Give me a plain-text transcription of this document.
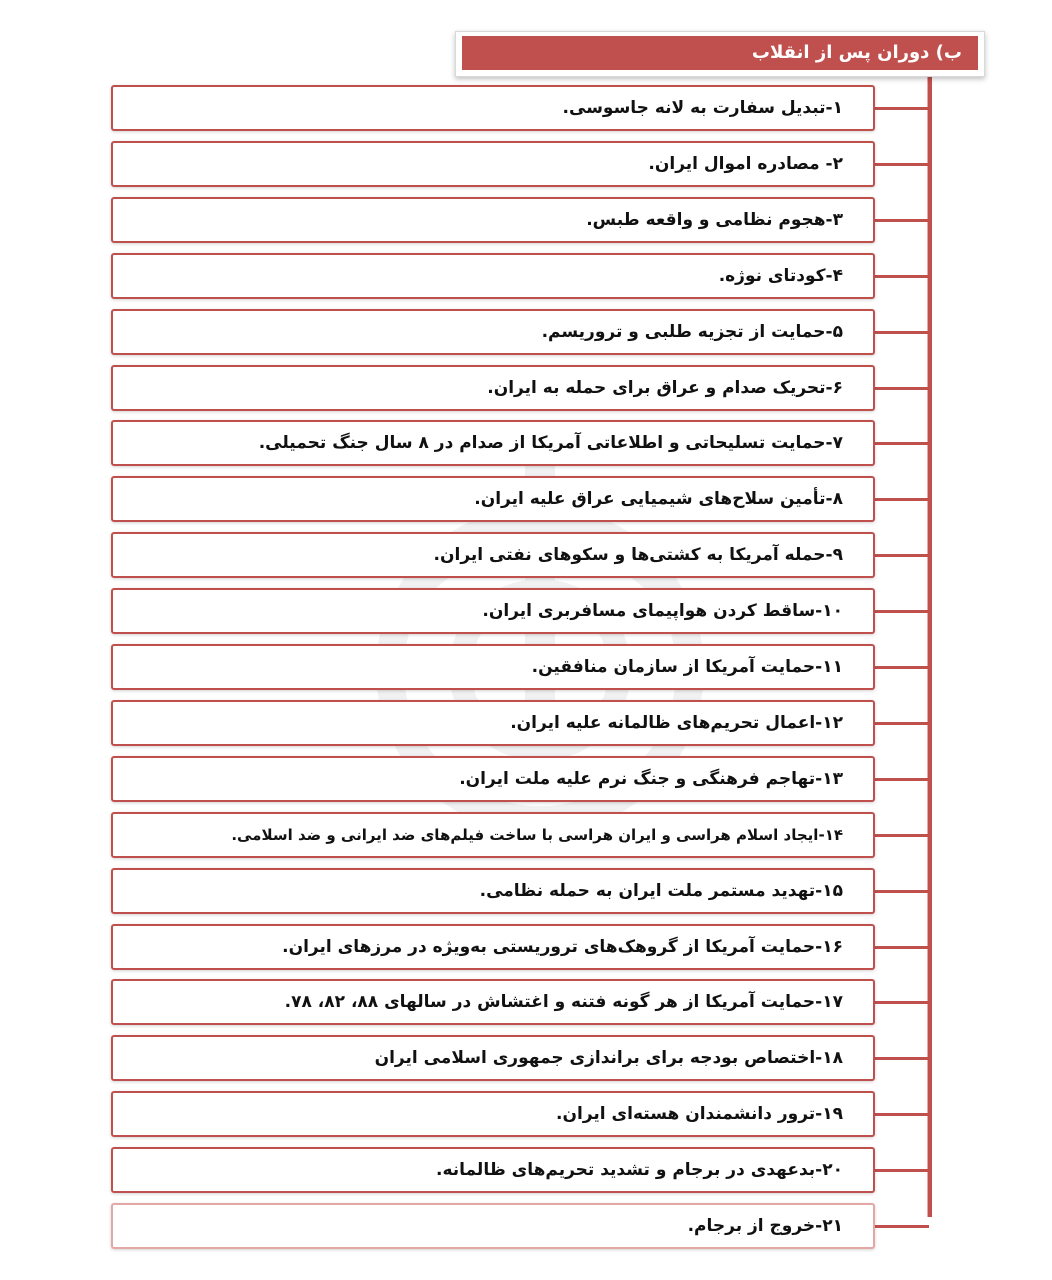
ب) دوران پس از انقلاب
۱-تبدیل سفارت به لانه جاسوسی.
۲- مصادره اموال ایران.
۳-هجوم نظامی و واقعه طبس.
۴-کودتای نوژه.
۵-حمایت از تجزیه طلبی و تروریسم.
۶-تحریک صدام و عراق برای حمله به ایران.
۷-حمایت تسلیحاتی و اطلاعاتی آمریکا از صدام در ۸ سال جنگ تحمیلی.
۸-تأمین سلاح‌های شیمیایی عراق علیه ایران.
۹-حمله آمریکا به کشتی‌ها و سکوهای نفتی ایران.
۱۰-ساقط کردن هواپیمای مسافربری ایران.
۱۱-حمایت آمریکا از سازمان منافقین.
۱۲-اعمال تحریم‌های ظالمانه علیه ایران.
۱۳-تهاجم فرهنگی و جنگ نرم علیه ملت ایران.
۱۴-ایجاد اسلام هراسی و ایران هراسی با ساخت فیلم‌های ضد ایرانی و ضد اسلامی.
۱۵-تهدید مستمر ملت ایران به حمله نظامی.
۱۶-حمایت آمریکا از گروهک‌های تروریستی به‌ویژه در مرزهای ایران.
۱۷-حمایت آمریکا از هر گونه فتنه و اغتشاش در سالهای ۸۸، ۸۲، ۷۸.
۱۸-اختصاص بودجه برای براندازی جمهوری اسلامی ایران
۱۹-ترور دانشمندان هسته‌ای ایران.
۲۰-بدعهدی در برجام و تشدید تحریم‌های ظالمانه.
۲۱-خروج از برجام.
